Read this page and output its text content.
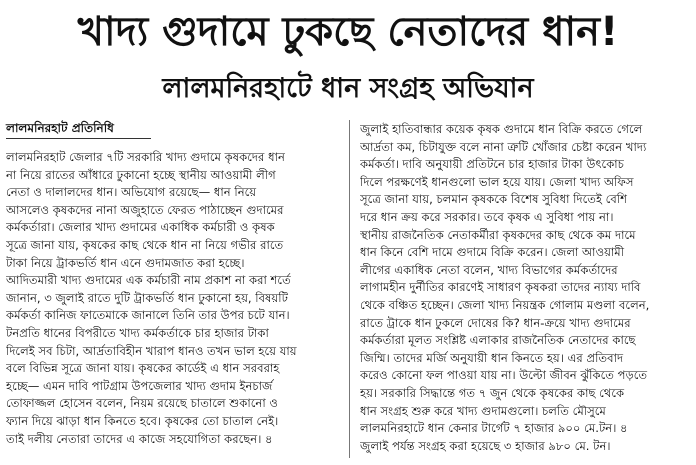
খাদ্য গুদামে ঢুকছে নেতাদের ধান!
লালমনিরহাটে ধান সংগ্রহ অভিযান
লালমনিরহাট প্রতিনিধি
লালমনিরহাট জেলার ৭টি সরকারি খাদ্য গুদামে কৃষকদের ধান
না নিয়ে রাতের আঁধারে ঢুকানো হচ্ছে স্থানীয় আওয়ামী লীগ
নেতা ও দালালদের ধান। অভিযোগ রয়েছে— ধান নিয়ে
আসলেও কৃষকদের নানা অজুহাতে ফেরত পাঠাচ্ছেন গুদামের
কর্মকর্তারা। জেলার খাদ্য গুদামের একাধিক কর্মচারী ও কৃষক
সূত্রে জানা যায়, কৃষকের কাছ থেকে ধান না নিয়ে গভীর রাতে
টাকা নিয়ে ট্রাকভর্তি ধান এনে গুদামজাত করা হচ্ছে।
আদিতমারী খাদ্য গুদামের এক কর্মচারী নাম প্রকাশ না করা শর্তে
জানান, ৩ জুলাই রাতে দুটি ট্রাকভর্তি ধান ঢুকানো হয়, বিষয়টি
কর্মকর্তা কানিজ ফাতেমাকে জানালে তিনি তার উপর চটে যান।
টনপ্রতি ধানের বিপরীতে খাদ্য কর্মকর্তাকে চার হাজার টাকা
দিলেই সব চিটা, আর্দ্রতাবিহীন খারাপ ধানও তখন ভাল হয়ে যায়
বলে বিভিন্ন সূত্রে জানা যায়। কৃষকের কার্ডেই এ ধান সরবরাহ
হচ্ছে— এমন দাবি পাটগ্রাম উপজেলার খাদ্য গুদাম ইনচার্জ
তোফাজ্জল হোসেন বলেন, নিয়ম রয়েছে চাতালে শুকানো ও
ফ্যান দিয়ে ঝাড়া ধান কিনতে হবে। কৃষকের তো চাতাল নেই।
তাই দলীয় নেতারা তাদের এ কাজে সহযোগিতা করছেন। ৪
জুলাই হাতিবান্ধার কয়েক কৃষক গুদামে ধান বিক্রি করতে গেলে
আর্দ্রতা কম, চিটাযুক্ত বলে নানা ত্রুটি খোঁজার চেষ্টা করেন খাদ্য
কর্মকর্তা। দাবি অনুযায়ী প্রতিটনে চার হাজার টাকা উৎকোচ
দিলে পরক্ষণেই ধানগুলো ভাল হয়ে যায়। জেলা খাদ্য অফিস
সূত্রে জানা যায়, চলমান কৃষককে বিশেষ সুবিধা দিতেই বেশি
দরে ধান ক্রয় করে সরকার। তবে কৃষক এ সুবিধা পায় না।
স্থানীয় রাজনৈতিক নেতাকর্মীরা কৃষকদের কাছ থেকে কম দামে
ধান কিনে বেশি দামে গুদামে বিক্রি করেন। জেলা আওয়ামী
লীগের একাধিক নেতা বলেন, খাদ্য বিভাগের কর্মকর্তাদের
লাগামহীন দুর্নীতির কারণেই সাধারণ কৃষকরা তাদের ন্যায্য দাবি
থেকে বঞ্চিত হচ্ছেন। জেলা খাদ্য নিয়ন্ত্রক গোলাম মণ্ডলা বলেন,
রাতে ট্রাকে ধান ঢুকলে দোষের কি? ধান-ক্রয়ে খাদ্য গুদামের
কর্মকর্তারা মূলত সংশ্লিষ্ট এলাকার রাজনৈতিক নেতাদের কাছে
জিম্মি। তাদের মর্জি অনুযায়ী ধান কিনতে হয়। এর প্রতিবাদ
করেও কোনো ফল পাওয়া যায় না। উল্টো জীবন ঝুঁকিতে পড়তে
হয়। সরকারি সিদ্ধান্তে গত ৭ জুন থেকে কৃষকের কাছ থেকে
ধান সংগ্রহ শুরু করে খাদ্য গুদামগুলো। চলতি মৌসুমে
লালমনিরহাটে ধান কেনার টার্গেট ৭ হাজার ৯০০ মে.টন। ৪
জুলাই পর্যন্ত সংগ্রহ করা হয়েছে ৩ হাজার ৯৮০ মে. টন।
